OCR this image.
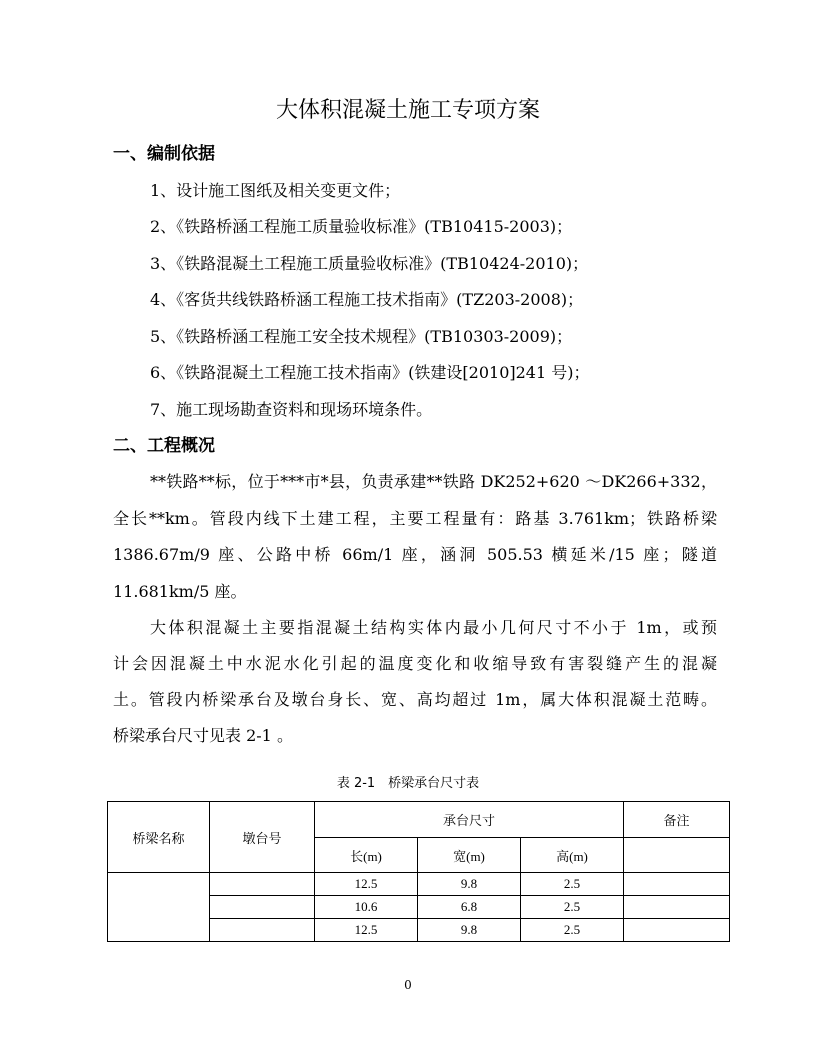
大体积混凝土施工专项方案
一、编制依据
1、设计施工图纸及相关变更文件；
2、《铁路桥涵工程施工质量验收标准》(TB10415-2003)；
3、《铁路混凝土工程施工质量验收标准》(TB10424-2010)；
4、《客货共线铁路桥涵工程施工技术指南》(TZ203-2008)；
5、《铁路桥涵工程施工安全技术规程》(TB10303-2009)；
6、《铁路混凝土工程施工技术指南》(铁建设[2010]241 号)；
7、施工现场勘查资料和现场环境条件。
二、工程概况
**铁路**标，位于***市*县，负责承建**铁路 DK252+620 ～DK266+332，
全长**km。管段内线下土建工程，主要工程量有：路基 3.761km；铁路桥梁
1386.67m/9 座、公路中桥 66m/1 座，涵洞 505.53 横延米/15 座；隧道
11.681km/5 座。
大体积混凝土主要指混凝土结构实体内最小几何尺寸不小于 1m，或预
计会因混凝土中水泥水化引起的温度变化和收缩导致有害裂缝产生的混凝
土。管段内桥梁承台及墩台身长、宽、高均超过 1m，属大体积混凝土范畴。
桥梁承台尺寸见表 2-1 。
表 2-1　桥梁承台尺寸表
桥梁名称	墩台号	承台尺寸			备注
		长(m)	宽(m)	高(m)	
		12.5	9.8	2.5	
		10.6	6.8	2.5	
		12.5	9.8	2.5	
0
